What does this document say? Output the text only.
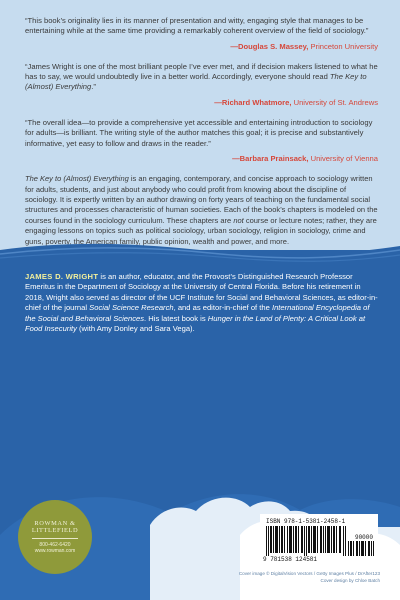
“This book’s originality lies in its manner of presentation and witty, engaging style that manages to be entertaining while at the same time providing a remarkably coherent overview of the field of sociology.”

—Douglas S. Massey, Princeton University

“James Wright is one of the most brilliant people I’ve ever met, and if decision makers listened to what he has to say, we would undoubtedly live in a better world. Accordingly, everyone should read The Key to (Almost) Everything.”

—Richard Whatmore, University of St. Andrews

“The overall idea—to provide a comprehensive yet accessible and entertaining introduction to sociology for adults—is brilliant. The writing style of the author matches this goal; it is precise and substantively informative, yet easy to follow and draws in the reader.”

—Barbara Prainsack, University of Vienna

The Key to (Almost) Everything is an engaging, contemporary, and concise approach to sociology written for adults, students, and just about anybody who could profit from knowing about the discipline of sociology. It is expertly written by an author drawing on forty years of teaching on the fundamental social structures and processes characteristic of human societies. Each of the book’s chapters is modeled on the courses found in the sociology curriculum. These chapters are not course or lecture notes; rather, they are engaging lessons on topics such as political sociology, urban sociology, religion in sociology, crime and guns, poverty, the American family, public opinion, wealth and power, and more.

JAMES D. WRIGHT is an author, educator, and the Provost’s Distinguished Research Professor Emeritus in the Department of Sociology at the University of Central Florida. Before his retirement in 2018, Wright also served as director of the UCF Institute for Social and Behavioral Sciences, as editor-in-chief of the journal Social Science Research, and as editor-in-chief of the International Encyclopedia of the Social and Behavioral Sciences. His latest book is Hunger in the Land of Plenty: A Critical Look at Food Insecurity (with Amy Donley and Sara Vega).

ROWMAN &
LITTLEFIELD
800-462-6420
www.rowman.com
ISBN 978-1-5381-2458-1
90000
9 781538 124581
Cover image © DigitalVision Vectors / Getty Images Plus / DrAfter123
Cover design by Chloe Batch
